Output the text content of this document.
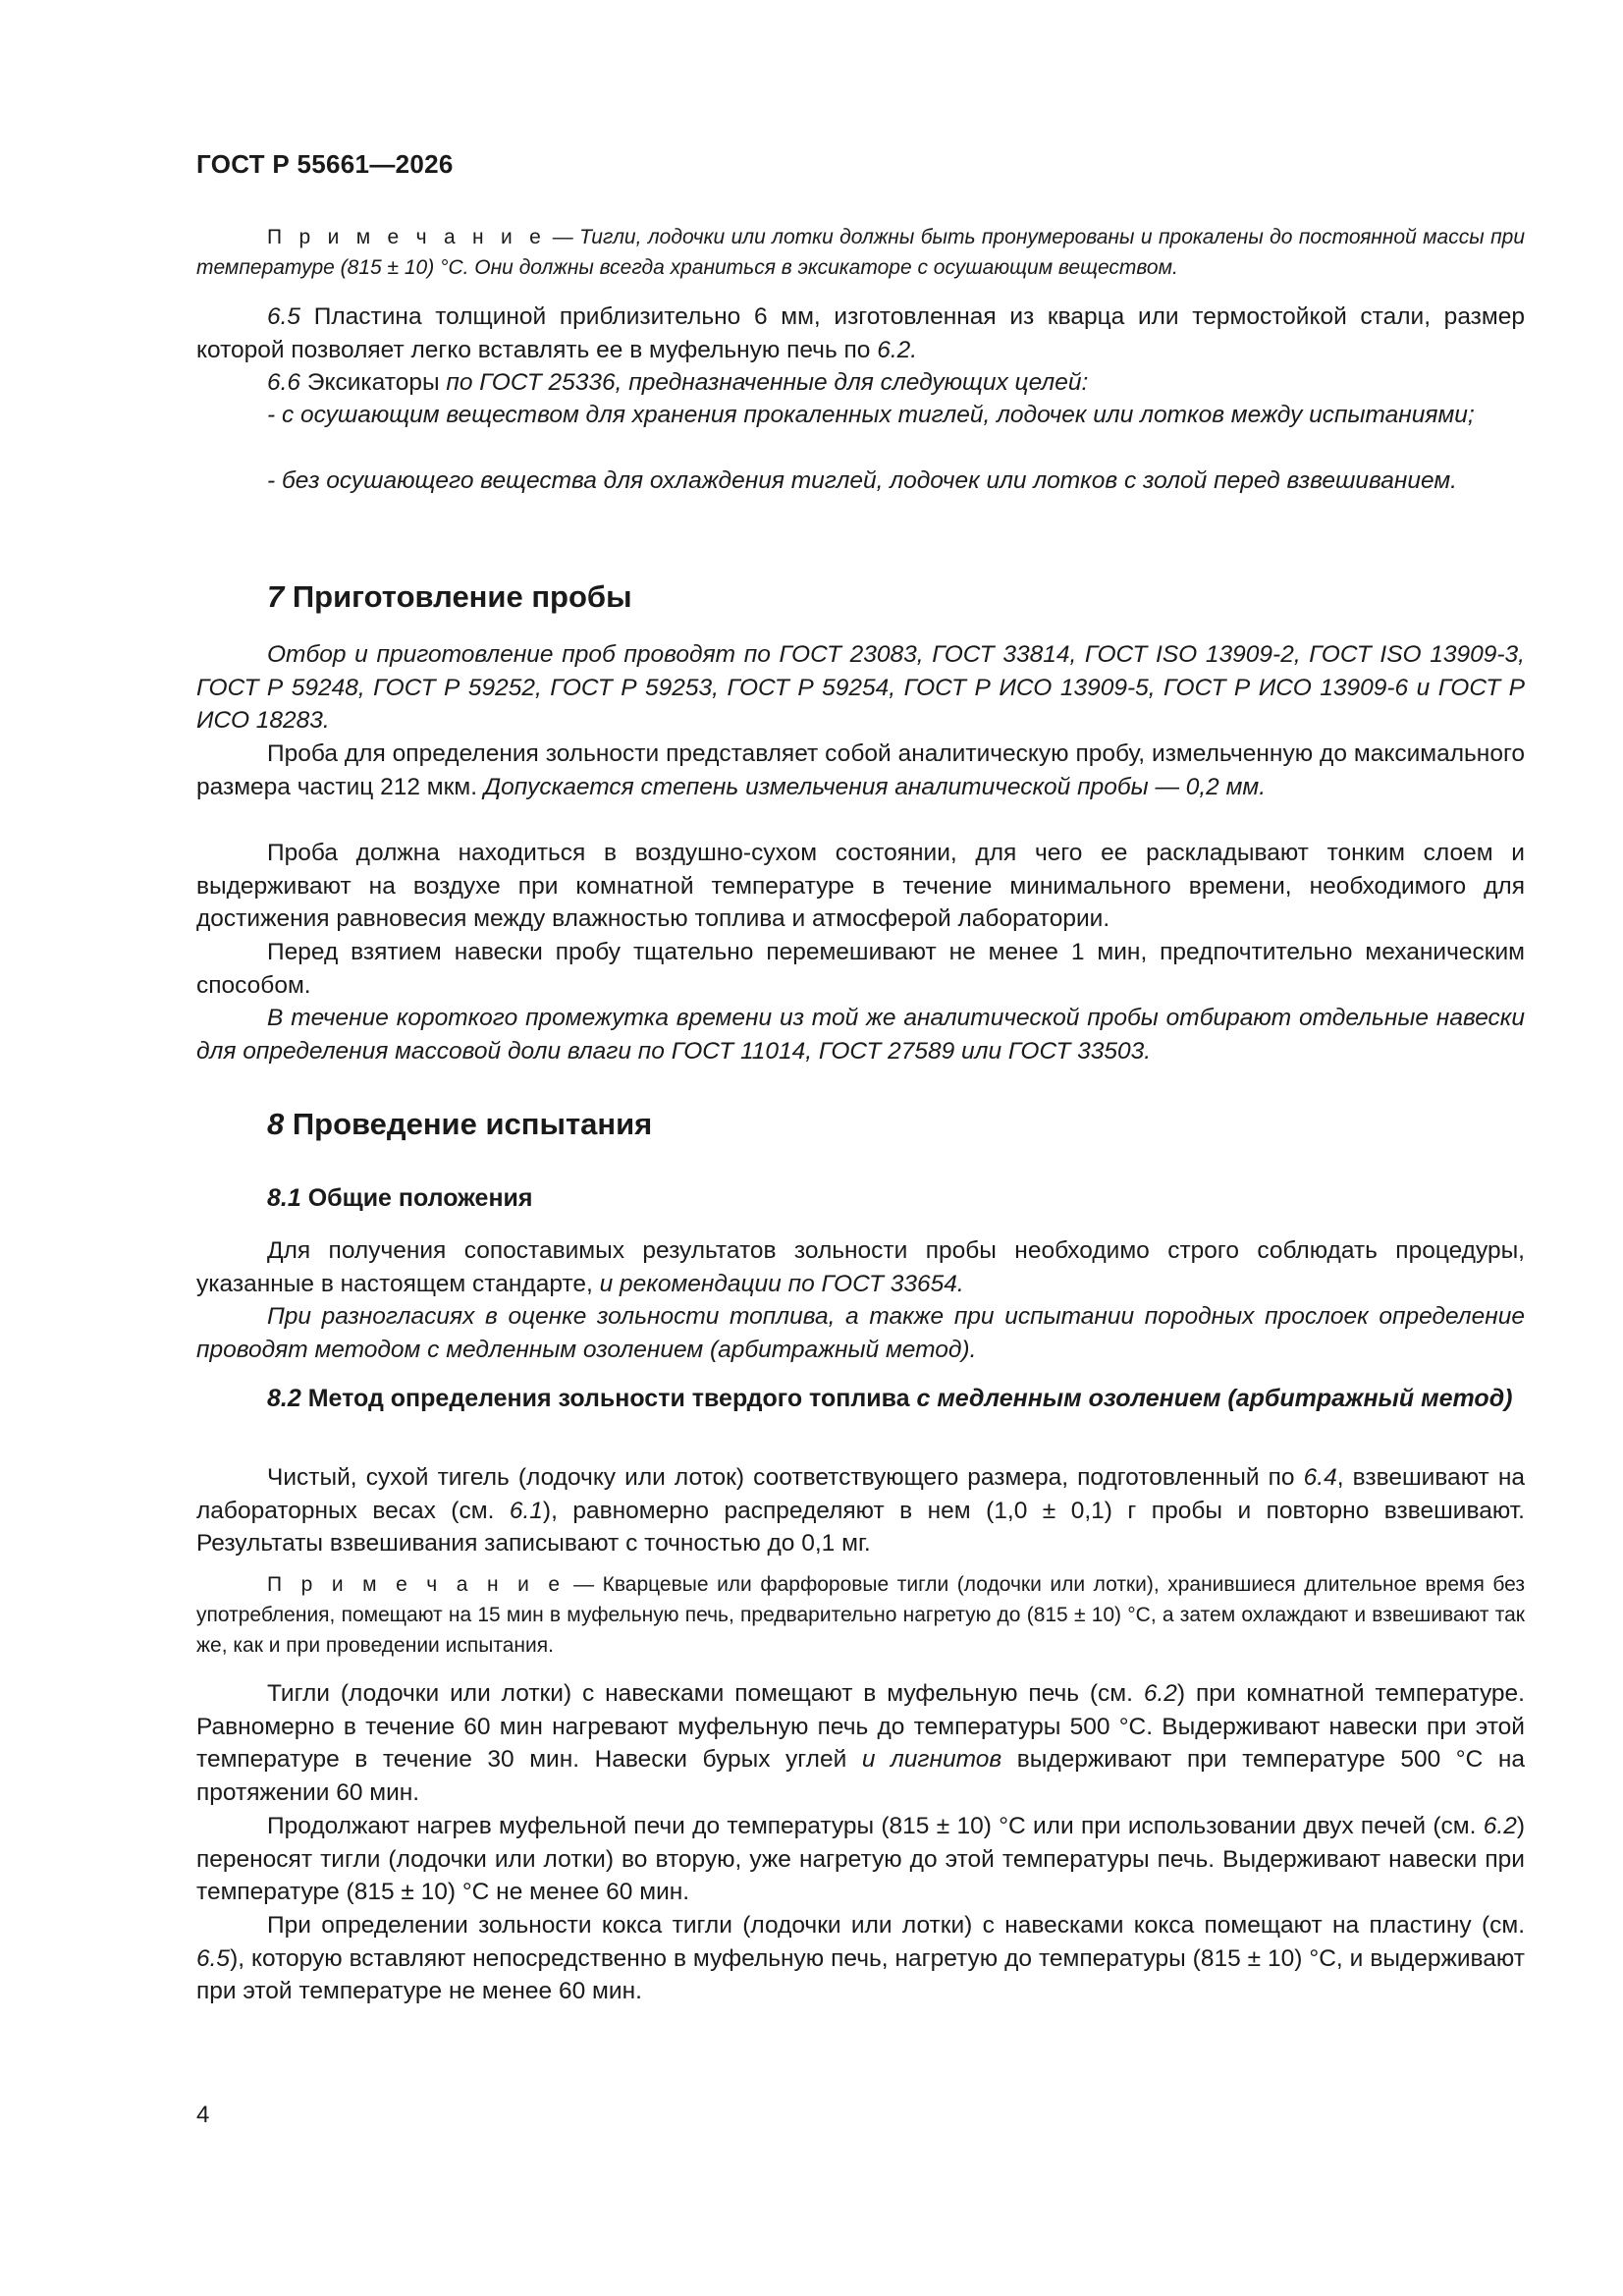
ГОСТ Р 55661—2026

П р и м е ч а н и е — Тигли, лодочки или лотки должны быть пронумерованы и прокалены до постоянной массы при температуре (815 ± 10) °С. Они должны всегда храниться в эксикаторе с осушающим веществом.

6.5 Пластина толщиной приблизительно 6 мм, изготовленная из кварца или термостойкой стали, размер которой позволяет легко вставлять ее в муфельную печь по 6.2.

6.6 Эксикаторы по ГОСТ 25336, предназначенные для следующих целей:

- с осушающим веществом для хранения прокаленных тиглей, лодочек или лотков между испытаниями;

- без осушающего вещества для охлаждения тиглей, лодочек или лотков с золой перед взвешиванием.

7 Приготовление пробы

Отбор и приготовление проб проводят по ГОСТ 23083, ГОСТ 33814, ГОСТ ISO 13909-2, ГОСТ ISO 13909-3, ГОСТ Р 59248, ГОСТ Р 59252, ГОСТ Р 59253, ГОСТ Р 59254, ГОСТ Р ИСО 13909-5, ГОСТ Р ИСО 13909-6 и ГОСТ Р ИСО 18283.

Проба для определения зольности представляет собой аналитическую пробу, измельченную до максимального размера частиц 212 мкм. Допускается степень измельчения аналитической пробы — 0,2 мм.

Проба должна находиться в воздушно-сухом состоянии, для чего ее раскладывают тонким слоем и выдерживают на воздухе при комнатной температуре в течение минимального времени, необходимого для достижения равновесия между влажностью топлива и атмосферой лаборатории.

Перед взятием навески пробу тщательно перемешивают не менее 1 мин, предпочтительно механическим способом.

В течение короткого промежутка времени из той же аналитической пробы отбирают отдельные навески для определения массовой доли влаги по ГОСТ 11014, ГОСТ 27589 или ГОСТ 33503.

8 Проведение испытания
8.1 Общие положения

Для получения сопоставимых результатов зольности пробы необходимо строго соблюдать процедуры, указанные в настоящем стандарте, и рекомендации по ГОСТ 33654.

При разногласиях в оценке зольности топлива, а также при испытании породных прослоек определение проводят методом с медленным озолением (арбитражный метод).

8.2 Метод определения зольности твердого топлива с медленным озолением (арбитражный метод)

Чистый, сухой тигель (лодочку или лоток) соответствующего размера, подготовленный по 6.4, взвешивают на лабораторных весах (см. 6.1), равномерно распределяют в нем (1,0 ± 0,1) г пробы и повторно взвешивают. Результаты взвешивания записывают с точностью до 0,1 мг.

П р и м е ч а н и е — Кварцевые или фарфоровые тигли (лодочки или лотки), хранившиеся длительное время без употребления, помещают на 15 мин в муфельную печь, предварительно нагретую до (815 ± 10) °С, а затем охлаждают и взвешивают так же, как и при проведении испытания.

Тигли (лодочки или лотки) с навесками помещают в муфельную печь (см. 6.2) при комнатной температуре. Равномерно в течение 60 мин нагревают муфельную печь до температуры 500 °С. Выдерживают навески при этой температуре в течение 30 мин. Навески бурых углей и лигнитов выдерживают при температуре 500 °С на протяжении 60 мин.

Продолжают нагрев муфельной печи до температуры (815 ± 10) °С или при использовании двух печей (см. 6.2) переносят тигли (лодочки или лотки) во вторую, уже нагретую до этой температуры печь. Выдерживают навески при температуре (815 ± 10) °С не менее 60 мин.

При определении зольности кокса тигли (лодочки или лотки) с навесками кокса помещают на пластину (см. 6.5), которую вставляют непосредственно в муфельную печь, нагретую до температуры (815 ± 10) °С, и выдерживают при этой температуре не менее 60 мин.

4
